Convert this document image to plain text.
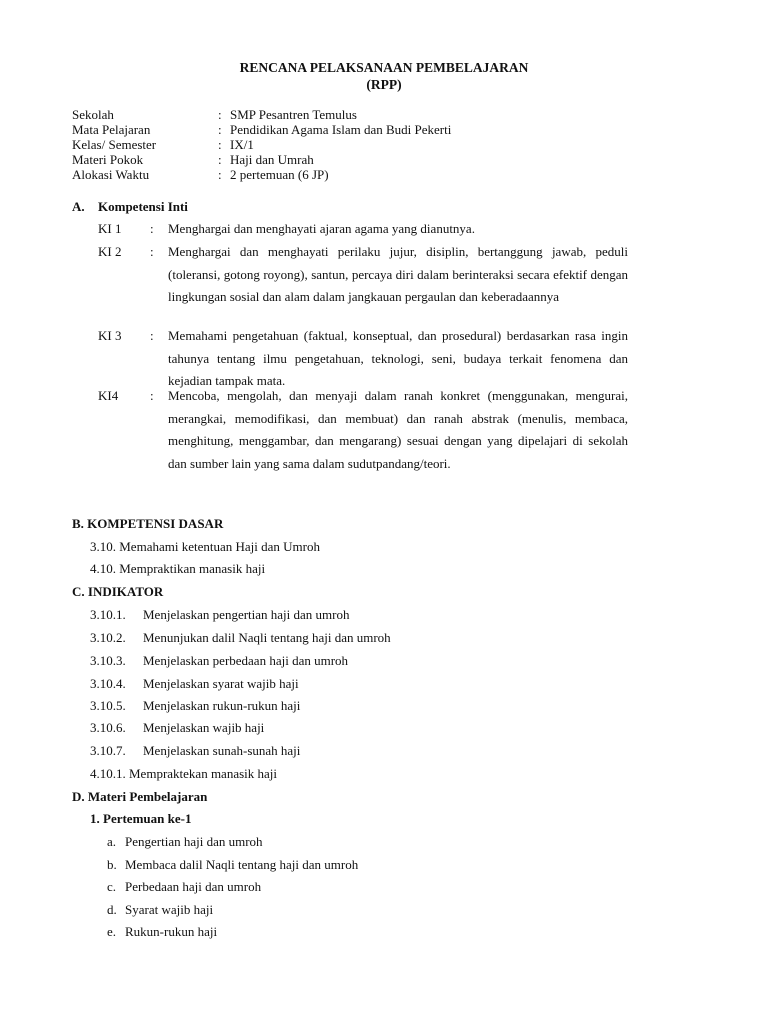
RENCANA PELAKSANAAN PEMBELAJARAN
(RPP)
Sekolah	: SMP Pesantren Temulus
Mata Pelajaran	: Pendidikan Agama Islam dan Budi Pekerti
Kelas/ Semester	: IX/1
Materi Pokok	: Haji dan Umrah
Alokasi Waktu	: 2 pertemuan (6 JP)
A. Kompetensi Inti
KI 1 : Menghargai dan menghayati ajaran agama yang dianutnya.
KI 2 : Menghargai dan menghayati perilaku jujur, disiplin, bertanggung jawab, peduli (toleransi, gotong royong), santun, percaya diri dalam berinteraksi secara efektif dengan lingkungan sosial dan alam dalam jangkauan pergaulan dan keberadaannya
KI 3 : Memahami pengetahuan (faktual, konseptual, dan prosedural) berdasarkan rasa ingin tahunya tentang ilmu pengetahuan, teknologi, seni, budaya terkait fenomena dan kejadian tampak mata.
KI4 : Mencoba, mengolah, dan menyaji dalam ranah konkret (menggunakan, mengurai, merangkai, memodifikasi, dan membuat) dan ranah abstrak (menulis, membaca, menghitung, menggambar, dan mengarang) sesuai dengan yang dipelajari di sekolah dan sumber lain yang sama dalam sudutpandang/teori.
B. KOMPETENSI DASAR
3.10. Memahami ketentuan Haji dan Umroh
4.10. Mempraktikan manasik haji
C. INDIKATOR
3.10.1. Menjelaskan pengertian haji dan umroh
3.10.2. Menunjukan dalil Naqli tentang haji dan umroh
3.10.3. Menjelaskan perbedaan haji dan umroh
3.10.4. Menjelaskan syarat wajib haji
3.10.5. Menjelaskan rukun-rukun haji
3.10.6. Menjelaskan wajib haji
3.10.7. Menjelaskan sunah-sunah haji
4.10.1. Mempraktekan manasik haji
D. Materi Pembelajaran
1. Pertemuan ke-1
a. Pengertian haji dan umroh
b. Membaca dalil Naqli tentang haji dan umroh
c. Perbedaan haji dan umroh
d. Syarat wajib haji
e. Rukun-rukun haji
